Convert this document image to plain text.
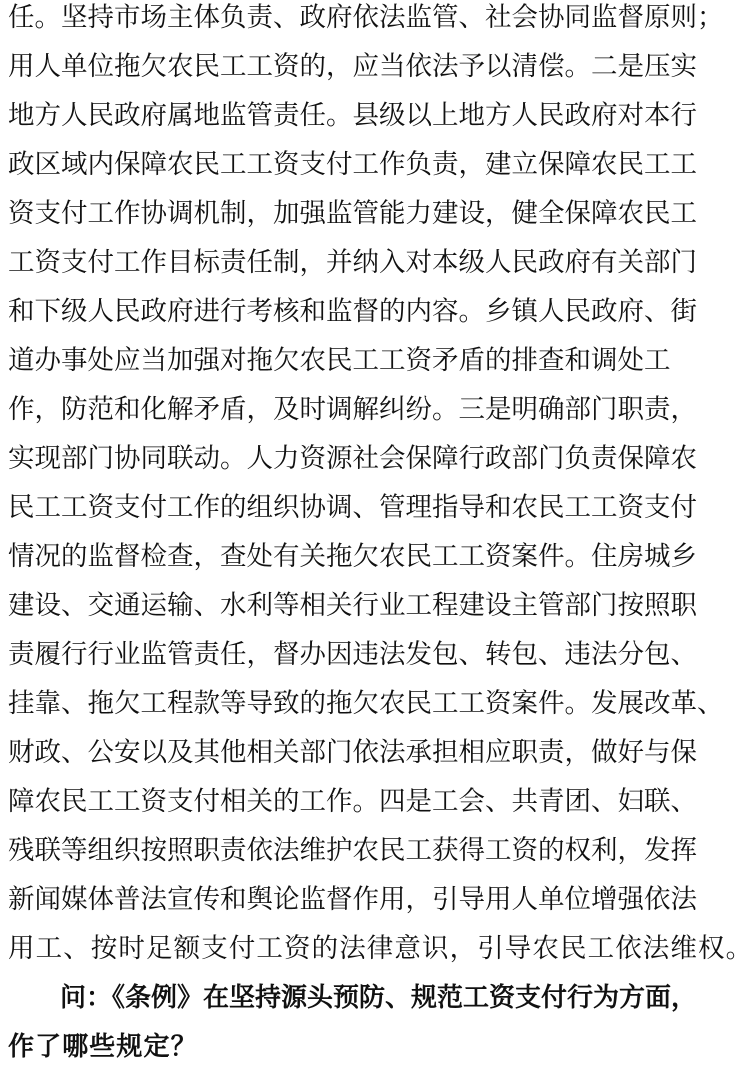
任。坚持市场主体负责、政府依法监管、社会协同监督原则；
用人单位拖欠农民工工资的，应当依法予以清偿。二是压实
地方人民政府属地监管责任。县级以上地方人民政府对本行
政区域内保障农民工工资支付工作负责，建立保障农民工工
资支付工作协调机制，加强监管能力建设，健全保障农民工
工资支付工作目标责任制，并纳入对本级人民政府有关部门
和下级人民政府进行考核和监督的内容。乡镇人民政府、街
道办事处应当加强对拖欠农民工工资矛盾的排查和调处工
作，防范和化解矛盾，及时调解纠纷。三是明确部门职责，
实现部门协同联动。人力资源社会保障行政部门负责保障农
民工工资支付工作的组织协调、管理指导和农民工工资支付
情况的监督检查，查处有关拖欠农民工工资案件。住房城乡
建设、交通运输、水利等相关行业工程建设主管部门按照职
责履行行业监管责任，督办因违法发包、转包、违法分包、
挂靠、拖欠工程款等导致的拖欠农民工工资案件。发展改革、
财政、公安以及其他相关部门依法承担相应职责，做好与保
障农民工工资支付相关的工作。四是工会、共青团、妇联、
残联等组织按照职责依法维护农民工获得工资的权利，发挥
新闻媒体普法宣传和舆论监督作用，引导用人单位增强依法
用工、按时足额支付工资的法律意识，引导农民工依法维权。
问：《条例》在坚持源头预防、规范工资支付行为方面，
作了哪些规定？
